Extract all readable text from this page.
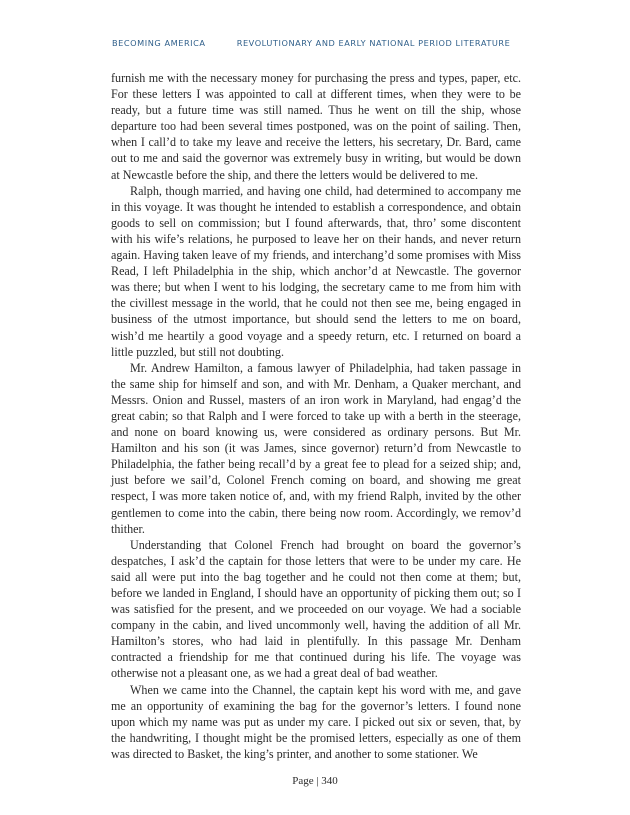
BECOMING AMERICA	REVOLUTIONARY AND EARLY NATIONAL PERIOD LITERATURE

furnish me with the necessary money for purchasing the press and types, paper, etc. For these letters I was appointed to call at different times, when they were to be ready, but a future time was still named. Thus he went on till the ship, whose departure too had been several times postponed, was on the point of sailing. Then, when I call’d to take my leave and receive the letters, his secretary, Dr. Bard, came out to me and said the governor was extremely busy in writing, but would be down at Newcastle before the ship, and there the letters would be delivered to me.

Ralph, though married, and having one child, had determined to accompany me in this voyage. It was thought he intended to establish a correspondence, and obtain goods to sell on commission; but I found afterwards, that, thro’ some discontent with his wife’s relations, he purposed to leave her on their hands, and never return again. Having taken leave of my friends, and interchang’d some promises with Miss Read, I left Philadelphia in the ship, which anchor’d at Newcastle. The governor was there; but when I went to his lodging, the secretary came to me from him with the civillest message in the world, that he could not then see me, being engaged in business of the utmost importance, but should send the letters to me on board, wish’d me heartily a good voyage and a speedy return, etc. I returned on board a little puzzled, but still not doubting.

Mr. Andrew Hamilton, a famous lawyer of Philadelphia, had taken passage in the same ship for himself and son, and with Mr. Denham, a Quaker merchant, and Messrs. Onion and Russel, masters of an iron work in Maryland, had engag’d the great cabin; so that Ralph and I were forced to take up with a berth in the steerage, and none on board knowing us, were considered as ordinary persons. But Mr. Hamilton and his son (it was James, since governor) return’d from Newcastle to Philadelphia, the father being recall’d by a great fee to plead for a seized ship; and, just before we sail’d, Colonel French coming on board, and showing me great respect, I was more taken notice of, and, with my friend Ralph, invited by the other gentlemen to come into the cabin, there being now room. Accordingly, we remov’d thither.

Understanding that Colonel French had brought on board the governor’s despatches, I ask’d the captain for those letters that were to be under my care. He said all were put into the bag together and he could not then come at them; but, before we landed in England, I should have an opportunity of picking them out; so I was satisfied for the present, and we proceeded on our voyage. We had a sociable company in the cabin, and lived uncommonly well, having the addition of all Mr. Hamilton’s stores, who had laid in plentifully. In this passage Mr. Denham contracted a friendship for me that continued during his life. The voyage was otherwise not a pleasant one, as we had a great deal of bad weather.

When we came into the Channel, the captain kept his word with me, and gave me an opportunity of examining the bag for the governor’s letters. I found none upon which my name was put as under my care. I picked out six or seven, that, by the handwriting, I thought might be the promised letters, especially as one of them was directed to Basket, the king’s printer, and another to some stationer. We

Page | 340
